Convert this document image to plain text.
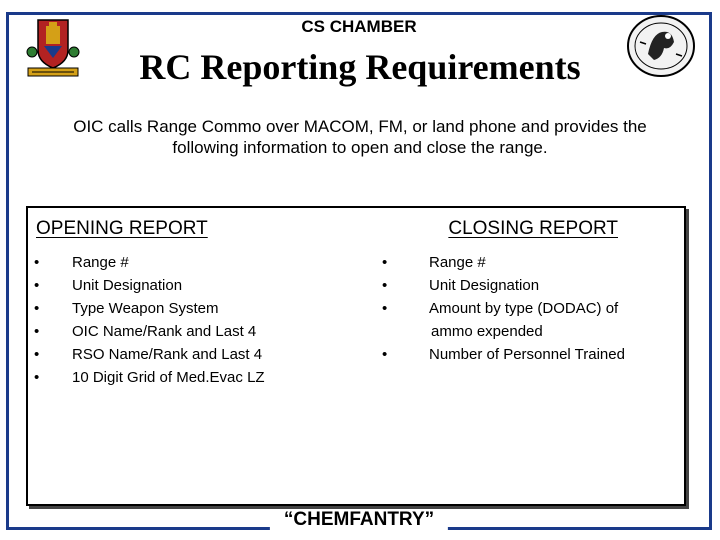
CS CHAMBER
“CHEMFANTRY”
RC Reporting Requirements
OIC calls Range Commo over MACOM, FM, or land phone and provides the following information to open and close the range.
OPENING REPORT	CLOSING REPORT
• Range #
• Unit Designation
• Type Weapon System
• OIC Name/Rank and Last 4
• RSO Name/Rank and Last 4
• 10 Digit Grid of Med.Evac LZ
•	Range #
•	Unit Designation
•	Amount by type (DODAC) of
ammo expended
•	Number of Personnel Trained
